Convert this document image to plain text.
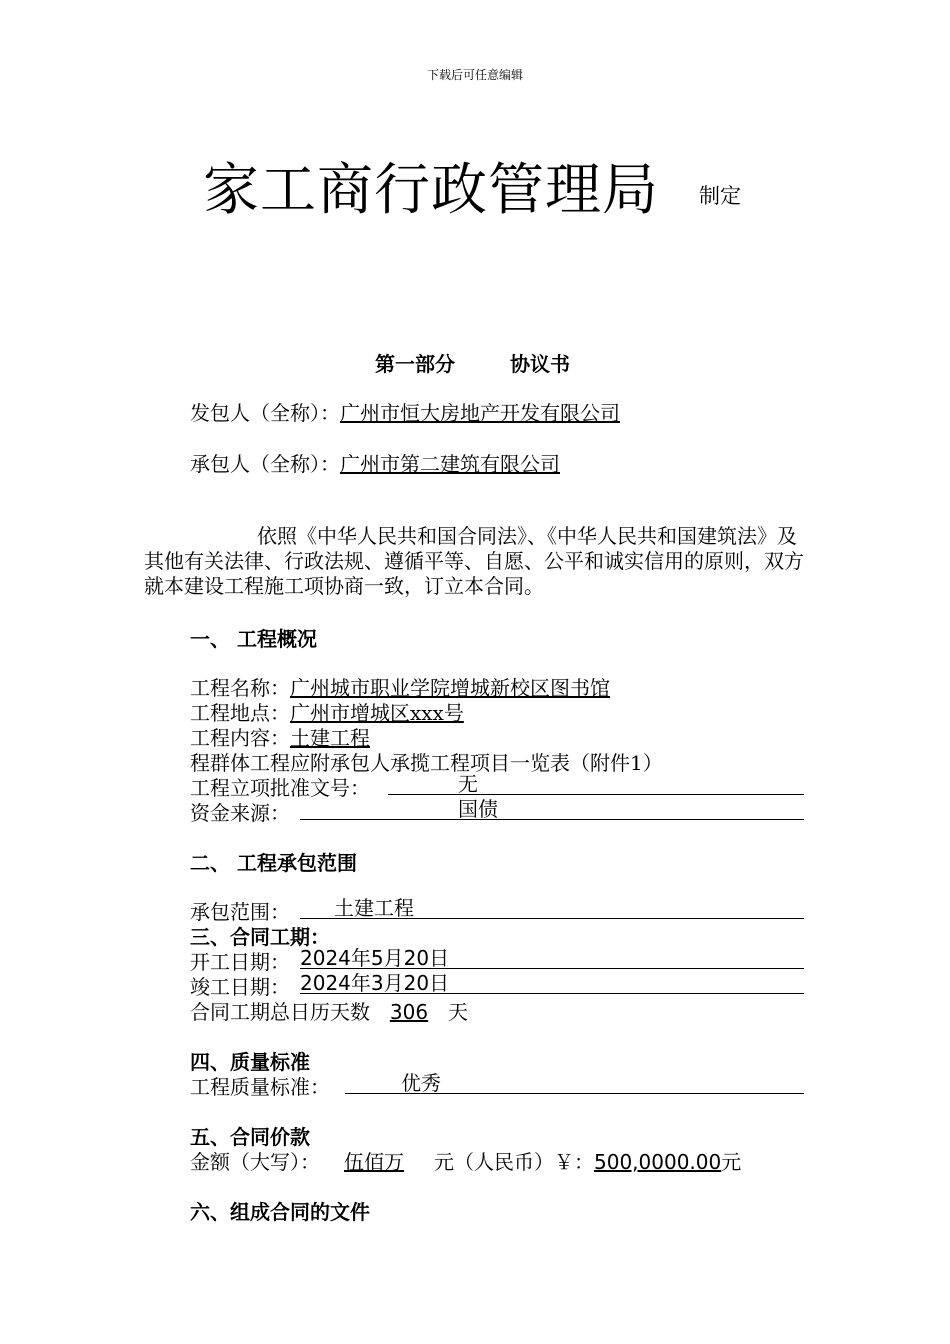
下载后可任意编辑
家工商行政管理局 制定
第一部分	协议书
发包人（全称）：广州市恒大房地产开发有限公司
承包人（全称）：广州市第二建筑有限公司
依照《中华人民共和国合同法》、《中华人民共和国建筑法》及其他有关法律、行政法规、遵循平等、自愿、公平和诚实信用的原则，双方就本建设工程施工项协商一致，订立本合同。
一、 工程概况
工程名称：广州城市职业学院增城新校区图书馆
工程地点：广州市增城区xxx号
工程内容：土建工程
程群体工程应附承包人承揽工程项目一览表（附件1）
工程立项批准文号：	无
资金来源：	国债
二、 工程承包范围
承包范围： 土建工程
三、合同工期：
开工日期： 2024年5月20日
竣工日期： 2024年3月20日
合同工期总日历天数 306 天
四、质量标准
工程质量标准：	优秀
五、合同价款
金额（大写）： 伍佰万 元（人民币）￥：500,0000.00元
六、组成合同的文件
